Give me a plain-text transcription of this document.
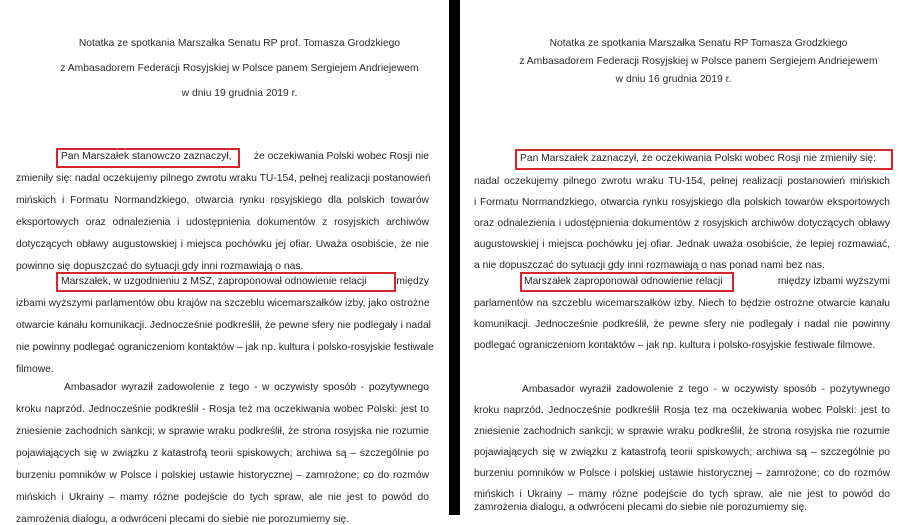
Notatka ze spotkania Marszałka Senatu RP prof. Tomasza Grodzkiego
z Ambasadorem Federacji Rosyjskiej w Polsce panem Sergiejem Andriejewem
w dniu 19 grudnia 2019 r.
Pan Marszałek stanowczo zaznaczył,	że oczekiwania Polski wobec Rosji nie
zmieniły się: nadal oczekujemy pilnego zwrotu wraku TU-154, pełnej realizacji postanowień
mińskich i Formatu Normandzkiego, otwarcia rynku rosyjskiego dla polskich towarów
eksportowych oraz odnalezienia i udostępnienia dokumentów z rosyjskich archiwów
dotyczących obławy augustowskiej i miejsca pochówku jej ofiar. Uważa osobiście, że nie
powinno się dopuszczać do sytuacji gdy inni rozmawiają o nas.
Marszałek, w uzgodnieniu z MSZ, zaproponował odnowienie relacji	między
izbami wyższymi parlamentów obu krajów na szczeblu wicemarszałków izby, jako ostrożne
otwarcie kanału komunikacji. Jednocześnie podkreślił, że pewne sfery nie podlegały i nadal
nie powinny podlegać ograniczeniom kontaktów – jak np. kultura i polsko-rosyjskie festiwale
filmowe.
Ambasador wyraził zadowolenie z tego - w oczywisty sposób - pozytywnego
kroku naprzód. Jednocześnie podkreślił - Rosja też ma oczekiwania wobec Polski: jest to
zniesienie zachodnich sankcji; w sprawie wraku podkreślił, że strona rosyjska nie rozumie
pojawiających się w związku z katastrofą teorii spiskowych; archiwa są – szczególnie po
burzeniu pomników w Polsce i polskiej ustawie historycznej – zamrożone; co do rozmów
mińskich i Ukrainy – mamy różne podejście do tych spraw, ale nie jest to powód do
zamrożenia dialogu, a odwróceni plecami do siebie nie porozumiemy się.
Notatka ze spotkania Marszałka Senatu RP Tomasza Grodzkiego
z Ambasadorem Federacji Rosyjskiej w Polsce panem Sergiejem Andriejewem
w dniu 16 grudnia 2019 r.
Pan Marszałek zaznaczył, że oczekiwania Polski wobec Rosji nie zmieniły się:
nadal oczekujemy pilnego zwrotu wraku TU-154, pełnej realizacji postanowień mińskich
i Formatu Normandzkiego, otwarcia rynku rosyjskiego dla polskich towarów eksportowych
oraz odnalezienia i udostępnienia dokumentów z rosyjskich archiwów dotyczących obławy
augustowskiej i miejsca pochówku jej ofiar. Jednak uważa osobiście, że lepiej rozmawiać,
a nie dopuszczać do sytuacji gdy inni rozmawiają o nas ponad nami bez nas.
Marszałek zaproponował odnowienie relacji	między izbami wyższymi
parlamentów na szczeblu wicemarszałków izby. Niech to będzie ostrożne otwarcie kanału
komunikacji. Jednocześnie podkreślił, że pewne sfery nie podlegały i nadal nie powinny
podlegać ograniczeniom kontaktów – jak np. kultura i polsko-rosyjskie festiwale filmowe.
Ambasador wyraził zadowolenie z tego - w oczywisty sposób - pozytywnego
kroku naprzód. Jednocześnie podkreślił Rosja tez ma oczekiwania wobec Polski: jest to
zniesienie zachodnich sankcji; w sprawie wraku podkreślił, że strona rosyjska nie rozumie
pojawiających się w związku z katastrofą teorii spiskowych; archiwa są – szczególnie po
burzeniu pomników w Polsce i polskiej ustawie historycznej – zamrożone; co do rozmów
mińskich i Ukrainy – mamy różne podejście do tych spraw, ale nie jest to powód do
zamrożenia dialogu, a odwróceni plecami do siebie nie porozumiemy się.
